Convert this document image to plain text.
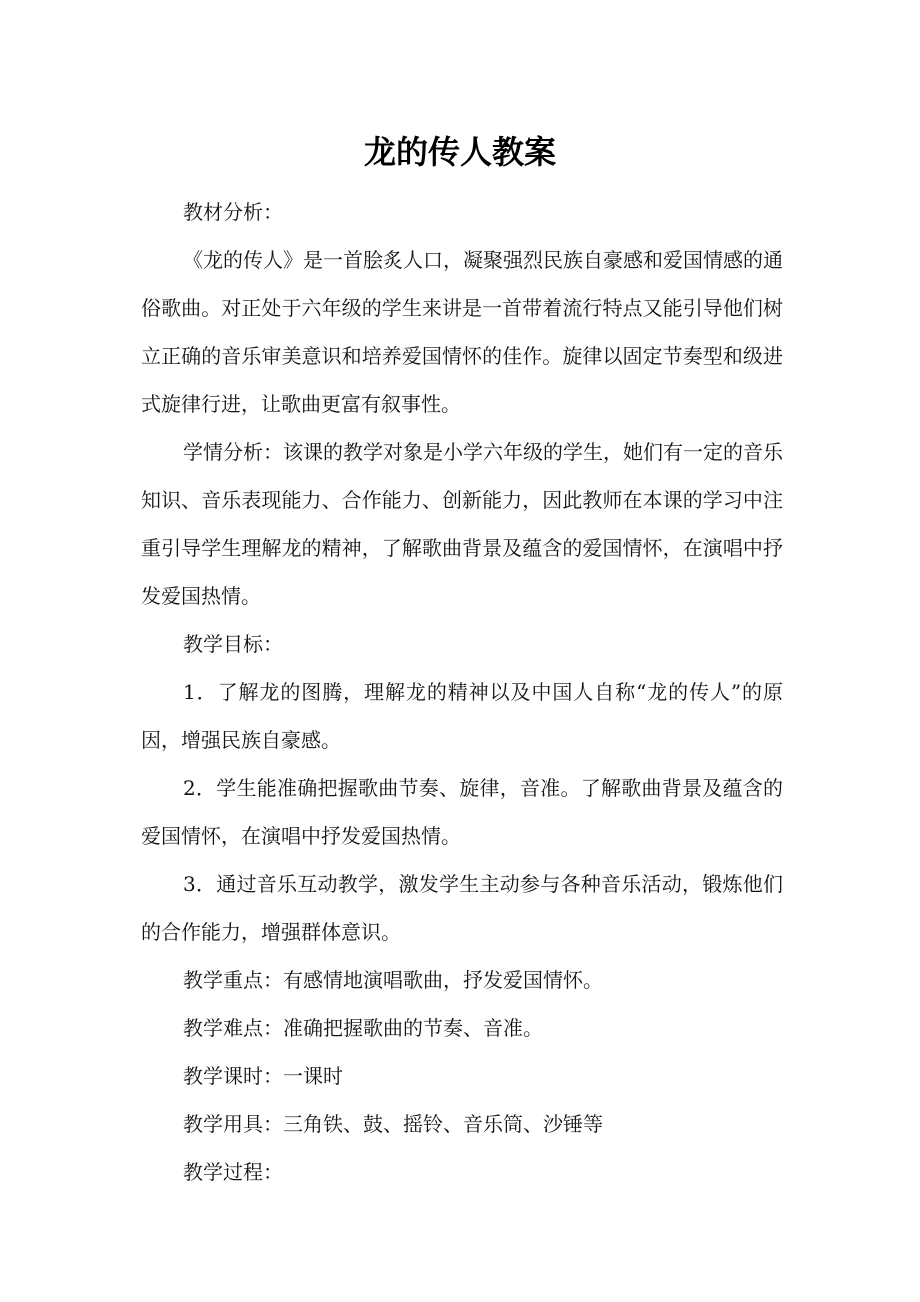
龙的传人教案

教材分析：

《龙的传人》是一首脍炙人口，凝聚强烈民族自豪感和爱国情感的通俗歌曲。对正处于六年级的学生来讲是一首带着流行特点又能引导他们树立正确的音乐审美意识和培养爱国情怀的佳作。旋律以固定节奏型和级进式旋律行进，让歌曲更富有叙事性。

学情分析：该课的教学对象是小学六年级的学生，她们有一定的音乐知识、音乐表现能力、合作能力、创新能力，因此教师在本课的学习中注重引导学生理解龙的精神，了解歌曲背景及蕴含的爱国情怀，在演唱中抒发爱国热情。

教学目标：

1．了解龙的图腾，理解龙的精神以及中国人自称“龙的传人”的原因，增强民族自豪感。

2．学生能准确把握歌曲节奏、旋律，音准。了解歌曲背景及蕴含的爱国情怀，在演唱中抒发爱国热情。

3．通过音乐互动教学，激发学生主动参与各种音乐活动，锻炼他们的合作能力，增强群体意识。

教学重点：有感情地演唱歌曲，抒发爱国情怀。

教学难点：准确把握歌曲的节奏、音准。

教学课时：一课时

教学用具：三角铁、鼓、摇铃、音乐筒、沙锤等

教学过程：
